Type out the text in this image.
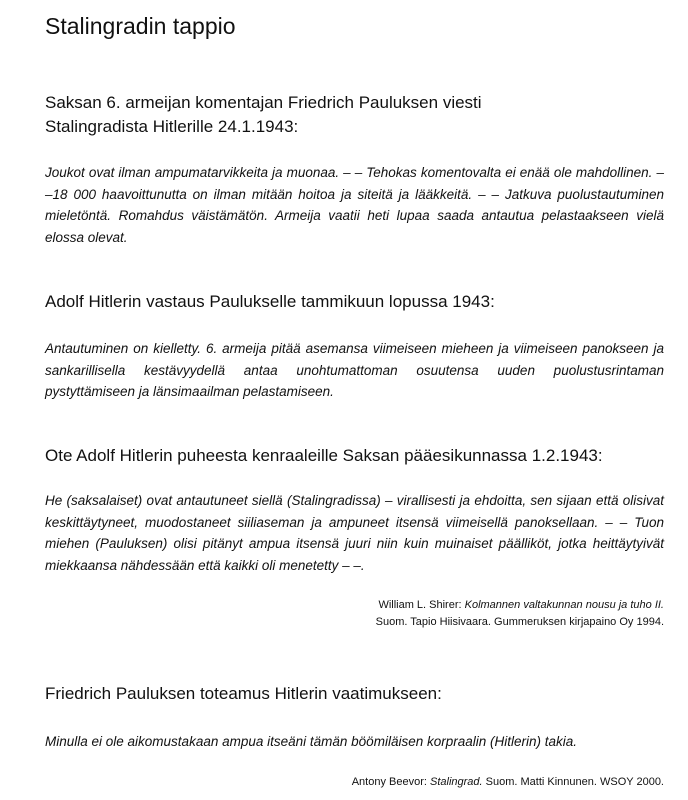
Stalingradin tappio
Saksan 6. armeijan komentajan Friedrich Pauluksen viesti
Stalingradista Hitlerille 24.1.1943:

Joukot ovat ilman ampumatarvikkeita ja muonaa. – – Tehokas komentovalta ei enää ole mahdollinen. – –18 000 haavoittunutta on ilman mitään hoitoa ja siteitä ja lääkkeitä. – – Jatkuva puolustautuminen mieletöntä. Romahdus väistämätön. Armeija vaatii heti lupaa saada antautua pelastaakseen vielä elossa olevat.

Adolf Hitlerin vastaus Paulukselle tammikuun lopussa 1943:

Antautuminen on kielletty. 6. armeija pitää asemansa viimeiseen mieheen ja viimeiseen panokseen ja sankarillisella kestävyydellä antaa unohtumattoman osuutensa uuden puolustusrintaman pystyttämiseen ja länsimaailman pelastamiseen.

Ote Adolf Hitlerin puheesta kenraaleille Saksan pääesikunnassa 1.2.1943:

He (saksalaiset) ovat antautuneet siellä (Stalingradissa) – virallisesti ja ehdoitta, sen sijaan että olisivat keskittäytyneet, muodostaneet siiliaseman ja ampuneet itsensä viimeisellä panoksellaan. – – Tuon miehen (Pauluksen) olisi pitänyt ampua itsensä juuri niin kuin muinaiset päälliköt, jotka heittäytyivät miekkaansa nähdessään että kaikki oli menetetty – –.

William L. Shirer: Kolmannen valtakunnan nousu ja tuho II.
Suom. Tapio Hiisivaara. Gummeruksen kirjapaino Oy 1994.

Friedrich Pauluksen toteamus Hitlerin vaatimukseen:

Minulla ei ole aikomustakaan ampua itseäni tämän böömiläisen korpraalin (Hitlerin) takia.

Antony Beevor: Stalingrad. Suom. Matti Kinnunen. WSOY 2000.
